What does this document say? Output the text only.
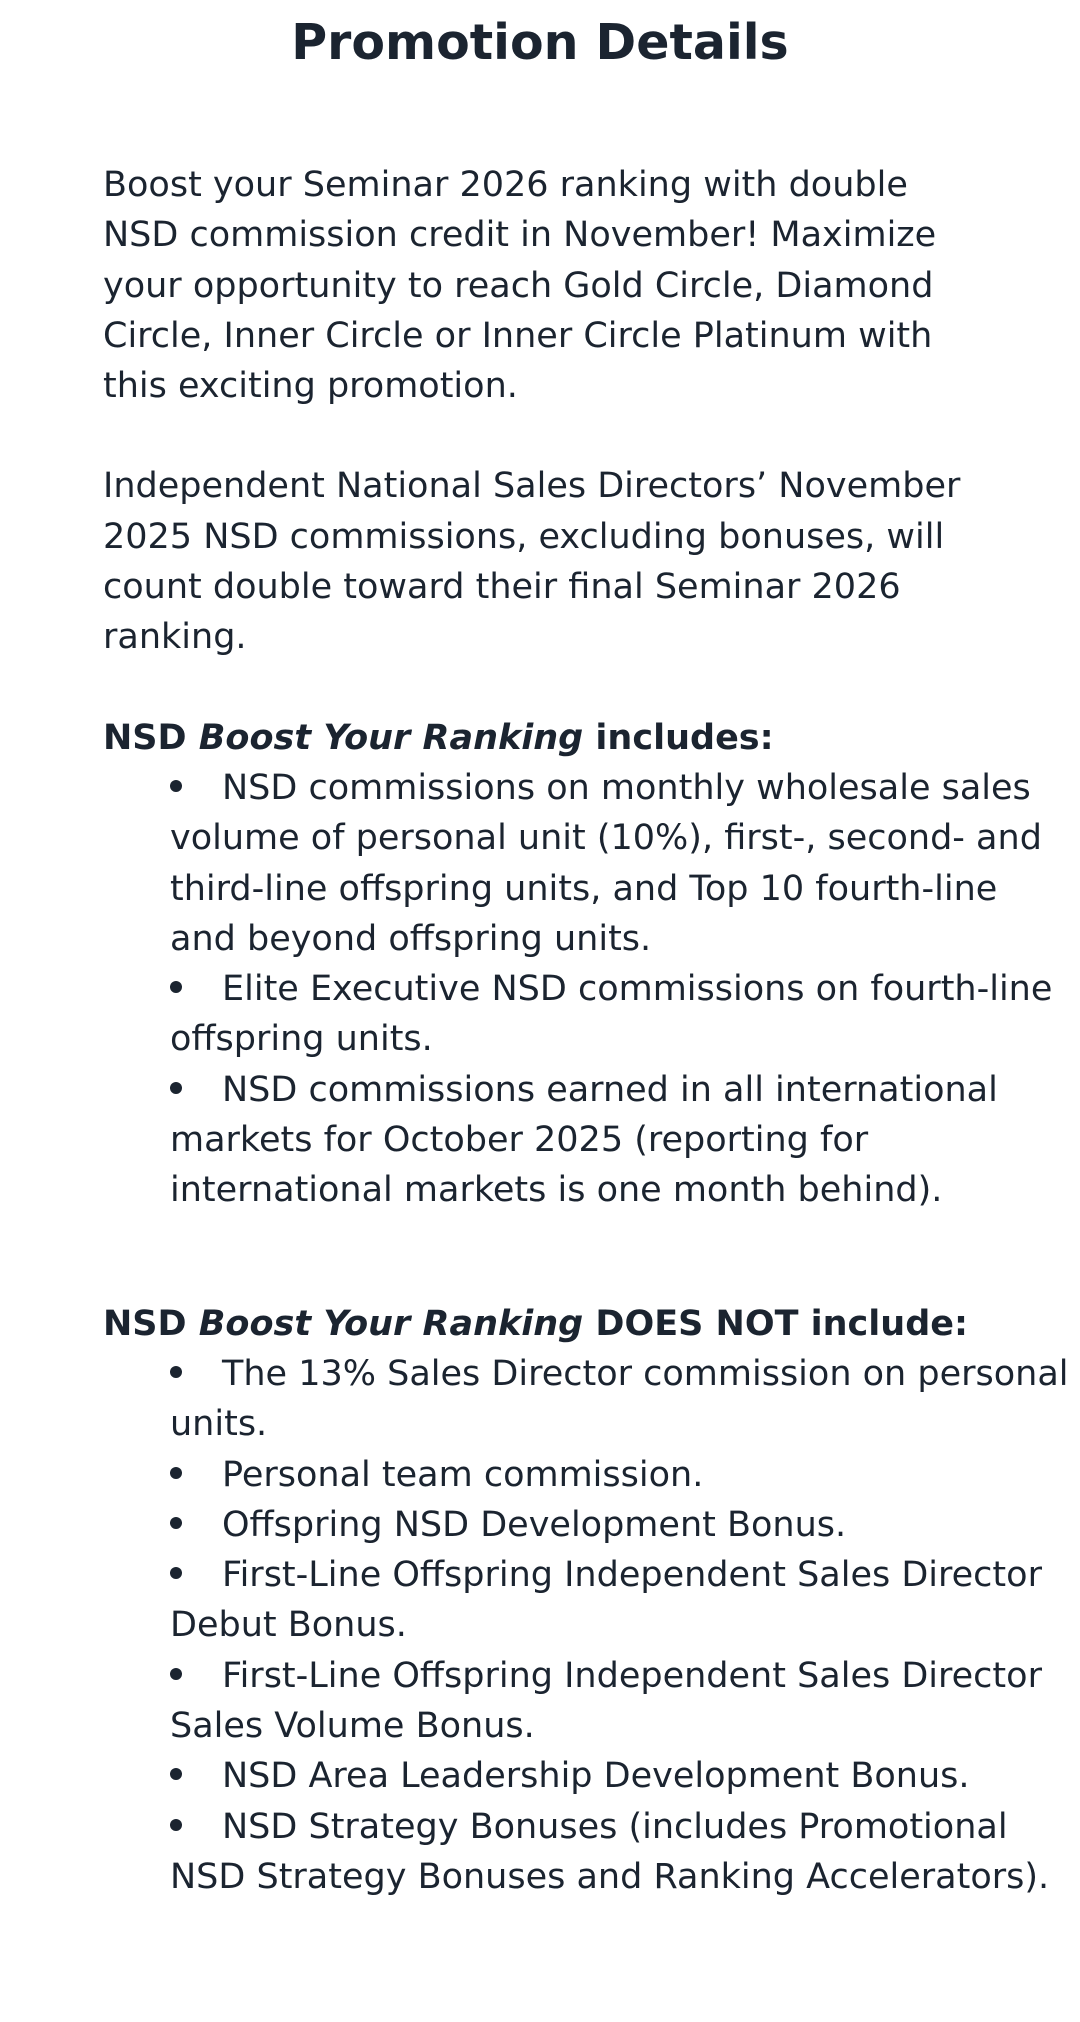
Promotion Details

Boost your Seminar 2026 ranking with double NSD commission credit in November! Maximize your opportunity to reach Gold Circle, Diamond Circle, Inner Circle or Inner Circle Platinum with this exciting promotion.

Independent National Sales Directors’ November 2025 NSD commissions, excluding bonuses, will count double toward their final Seminar 2026 ranking.

NSD Boost Your Ranking includes:

NSD commissions on monthly wholesale sales volume of personal unit (10%), first-, second- and third-line offspring units, and Top 10 fourth-line and beyond offspring units.
Elite Executive NSD commissions on fourth-line offspring units.
NSD commissions earned in all international markets for October 2025 (reporting for international markets is one month behind).

NSD Boost Your Ranking DOES NOT include:

The 13% Sales Director commission on personal units.
Personal team commission.
Offspring NSD Development Bonus.
First-Line Offspring Independent Sales Director Debut Bonus.
First-Line Offspring Independent Sales Director Sales Volume Bonus.
NSD Area Leadership Development Bonus.
NSD Strategy Bonuses (includes Promotional NSD Strategy Bonuses and Ranking Accelerators).
